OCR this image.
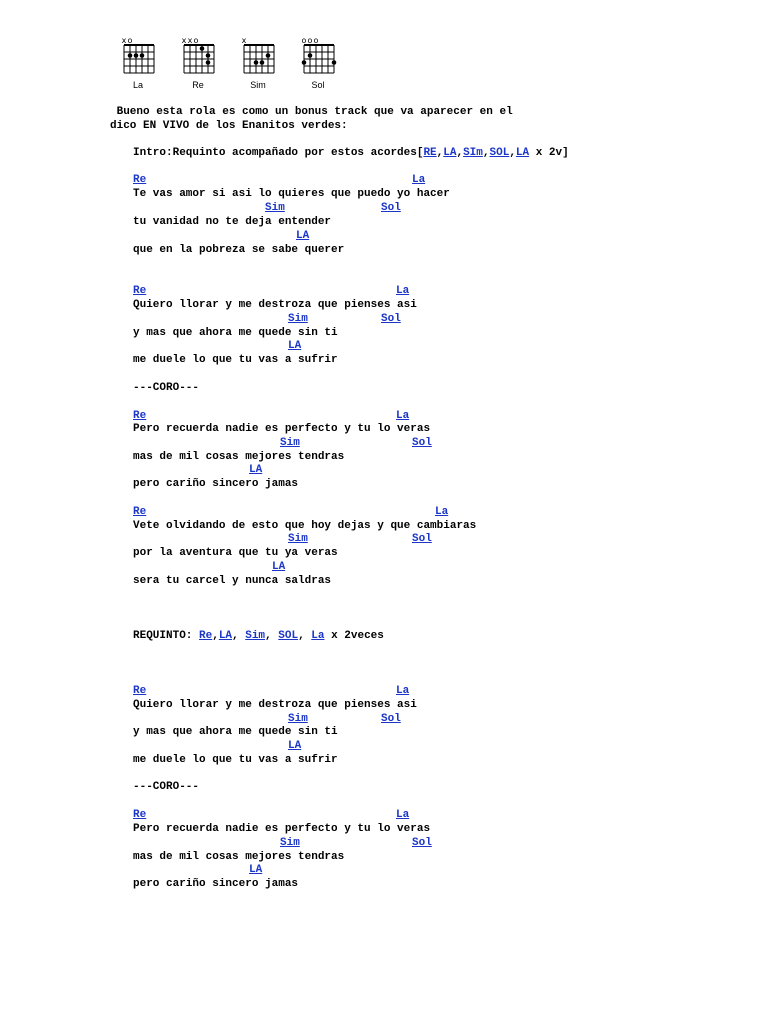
x o
La
x x o
Re
x
Sim
o o o
Sol
Bueno esta rola es como un bonus track que va aparecer en el
dico EN VIVO de los Enanitos verdes:
Intro:Requinto acompañado por estos acordes[RE,LA,SIm,SOL,LA x 2v]
Re	La
Te vas amor si asi lo quieres que puedo yo hacer
Sim	Sol
tu vanidad no te deja entender
LA
que en la pobreza se sabe querer
Re	La
Quiero llorar y me destroza que pienses asi
Sim	Sol
y mas que ahora me quede sin ti
LA
me duele lo que tu vas a sufrir
---CORO---
Re	La
Pero recuerda nadie es perfecto y tu lo veras
Sim	Sol
mas de mil cosas mejores tendras
LA
pero cariño sincero jamas
Re	La
Vete olvidando de esto que hoy dejas y que cambiaras
Sim	Sol
por la aventura que tu ya veras
LA
sera tu carcel y nunca saldras
REQUINTO: Re,LA, Sim, SOL, La x 2veces
Re	La
Quiero llorar y me destroza que pienses asi
Sim	Sol
y mas que ahora me quede sin ti
LA
me duele lo que tu vas a sufrir
---CORO---
Re	La
Pero recuerda nadie es perfecto y tu lo veras
Sim	Sol
mas de mil cosas mejores tendras
LA
pero cariño sincero jamas
